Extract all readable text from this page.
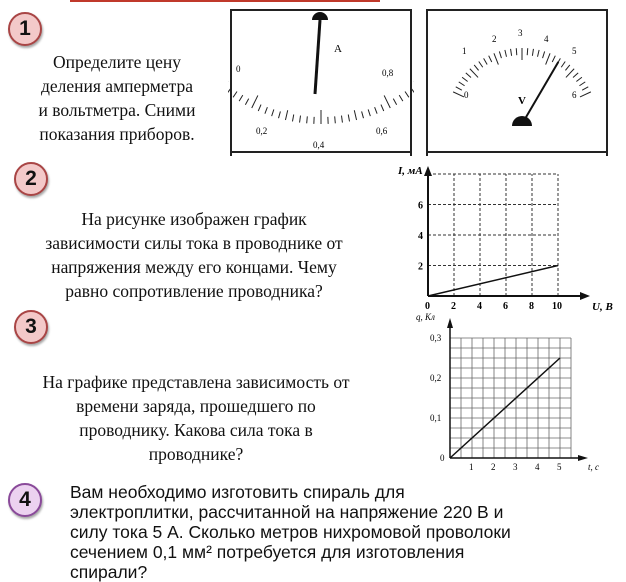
1
Определите цену
деления амперметра
и вольтметра. Сними
показания приборов.
A
0
0,2
0,4
0,6
0,8
0
1
2
3
4
5
6
V
2
На рисунке изображен график
зависимости силы тока в проводнике от
напряжения между его концами. Чему
равно сопротивление проводника?
0 2 4 6 8 10
2
4
6
I, мА
U, В
3
На графике представлена зависимость от
времени заряда, прошедшего по
проводнику. Какова сила тока в
проводнике?
1 2 3 4 5
0
0,1
0,2
0,3
q, Кл
t, с
4 Вам необходимо изготовить спираль для
электроплитки, рассчитанной на напряжение 220 В и
силу тока 5 А. Сколько метров нихромовой проволоки
сечением 0,1 мм² потребуется для изготовления
спирали?
